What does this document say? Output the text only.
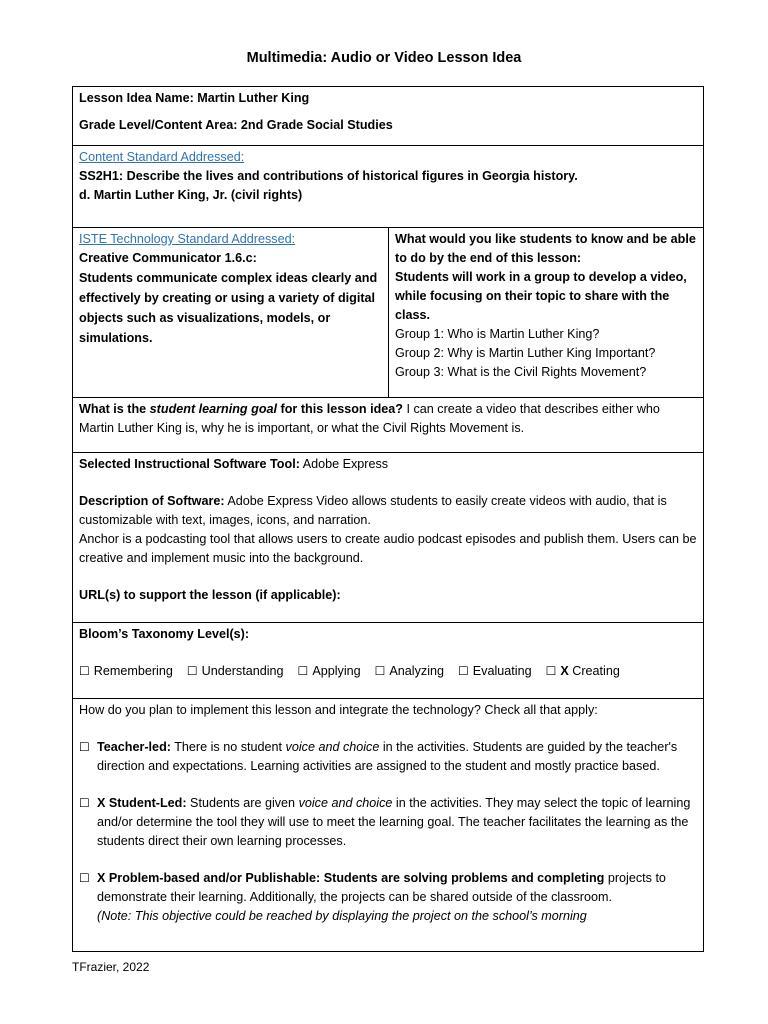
Multimedia: Audio or Video Lesson Idea
Lesson Idea Name: Martin Luther King
Grade Level/Content Area: 2nd Grade Social Studies
Content Standard Addressed:
SS2H1: Describe the lives and contributions of historical figures in Georgia history.
d. Martin Luther King, Jr. (civil rights)
ISTE Technology Standard Addressed:
Creative Communicator 1.6.c:
Students communicate complex ideas clearly and effectively by creating or using a variety of digital objects such as visualizations, models, or simulations.
What would you like students to know and be able to do by the end of this lesson:
Students will work in a group to develop a video, while focusing on their topic to share with the class.
Group 1: Who is Martin Luther King?
Group 2: Why is Martin Luther King Important?
Group 3: What is the Civil Rights Movement?
What is the student learning goal for this lesson idea? I can create a video that describes either who Martin Luther King is, why he is important, or what the Civil Rights Movement is.
Selected Instructional Software Tool: Adobe Express
Description of Software: Adobe Express Video allows students to easily create videos with audio, that is customizable with text, images, icons, and narration.
Anchor is a podcasting tool that allows users to create audio podcast episodes and publish them. Users can be creative and implement music into the background.
URL(s) to support the lesson (if applicable):
Bloom’s Taxonomy Level(s):
☐ Remembering ☐ Understanding ☐ Applying ☐ Analyzing ☐ Evaluating ☐ X Creating
How do you plan to implement this lesson and integrate the technology? Check all that apply:
☐ Teacher-led: There is no student voice and choice in the activities. Students are guided by the teacher's direction and expectations. Learning activities are assigned to the student and mostly practice based.
☐ X Student-Led: Students are given voice and choice in the activities. They may select the topic of learning and/or determine the tool they will use to meet the learning goal. The teacher facilitates the learning as the students direct their own learning processes.
☐ X Problem-based and/or Publishable: Students are solving problems and completing projects to demonstrate their learning. Additionally, the projects can be shared outside of the classroom.
(Note: This objective could be reached by displaying the project on the school’s morning
TFrazier, 2022
